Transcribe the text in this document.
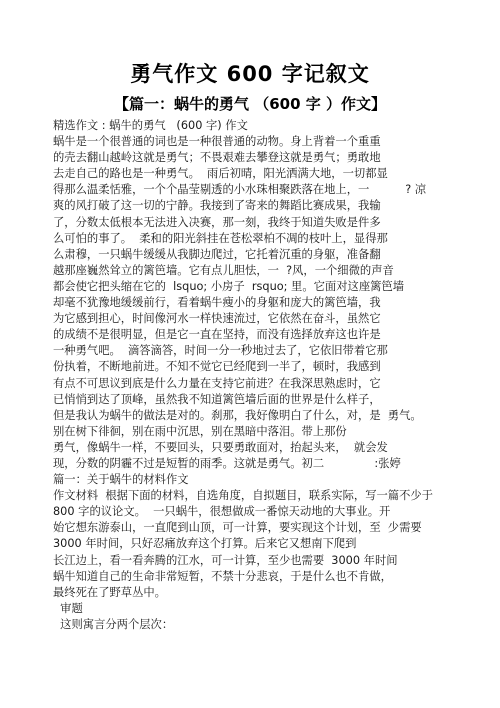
勇气作文 600 字记叙文
【篇一：蜗牛的勇气 （600 字 ）作文】
精选作文 : 蜗牛的勇气   (600 字) 作文
蜗牛是一个很普通的词也是一种很普通的动物。身上背着一个重重
的壳去翻山越岭这就是勇气；不畏艰难去攀登这就是勇气；勇敢地
去走自己的路也是一种勇气。  雨后初晴，阳光洒满大地，一切都显
得那么温柔恬雅，一个个晶莹剔透的小水珠相聚跌落在地上，一          ? 凉
爽的风打破了这一切的宁静。我接到了寄来的舞蹈比赛成果，我输
了，分数太低根本无法进入决赛，那一刻，我终于知道失败是件多
么可怕的事了。  柔和的阳光斜挂在苍松翠柏不凋的枝叶上，显得那
么肃穆，一只蜗牛缓缓从我脚边爬过，它托着沉重的身躯，准备翻
越那座巍然耸立的篱笆墙。它有点儿胆怯，一  ?风，一个细微的声音
都会使它把头缩在它的  lsquo; 小房子  rsquo; 里。它面对这座篱笆墙
却毫不犹豫地缓缓前行，看着蜗牛瘦小的身躯和庞大的篱笆墙，我
为它感到担心，时间像河水一样快速流过，它依然在奋斗，虽然它
的成绩不是很明显，但是它一直在坚持，而没有选择放弃这也许是
一种勇气吧。  滴答滴答，时间一分一秒地过去了，它依旧带着它那
份执着，不断地前进。不知不觉它已经爬到一半了，顿时，我感到
有点不可思议到底是什么力量在支持它前进？在我深思熟虑时，它
已悄悄到达了顶峰，虽然我不知道篱笆墙后面的世界是什么样子，
但是我认为蜗牛的做法是对的。刹那，我好像明白了什么，对，是  勇气。
别在树下徘徊，别在雨中沉思，别在黑暗中落泪。带上那份
勇气，像蜗牛一样，不要回头，只要勇敢面对，抬起头来，  就会发
现，分数的阴霾不过是短暂的雨季。这就是勇气。初二              :张婷
篇一：关于蜗牛的材料作文
作文材料  根据下面的材料，自选角度，自拟题目，联系实际，写一篇不少于
800 字的议论文。  一只蜗牛，很想做成一番惊天动地的大事业。开
始它想东游泰山，一直爬到山顶，可一计算，要实现这个计划，至  少需要
3000 年时间，只好忍痛放弃这个打算。后来它又想南下爬到
长江边上，看一看奔腾的江水，可一计算，至少也需要  3000 年时间
蜗牛知道自己的生命非常短暂，不禁十分悲哀，于是什么也不肯做，
最终死在了野草丛中。
审题
这则寓言分两个层次：
